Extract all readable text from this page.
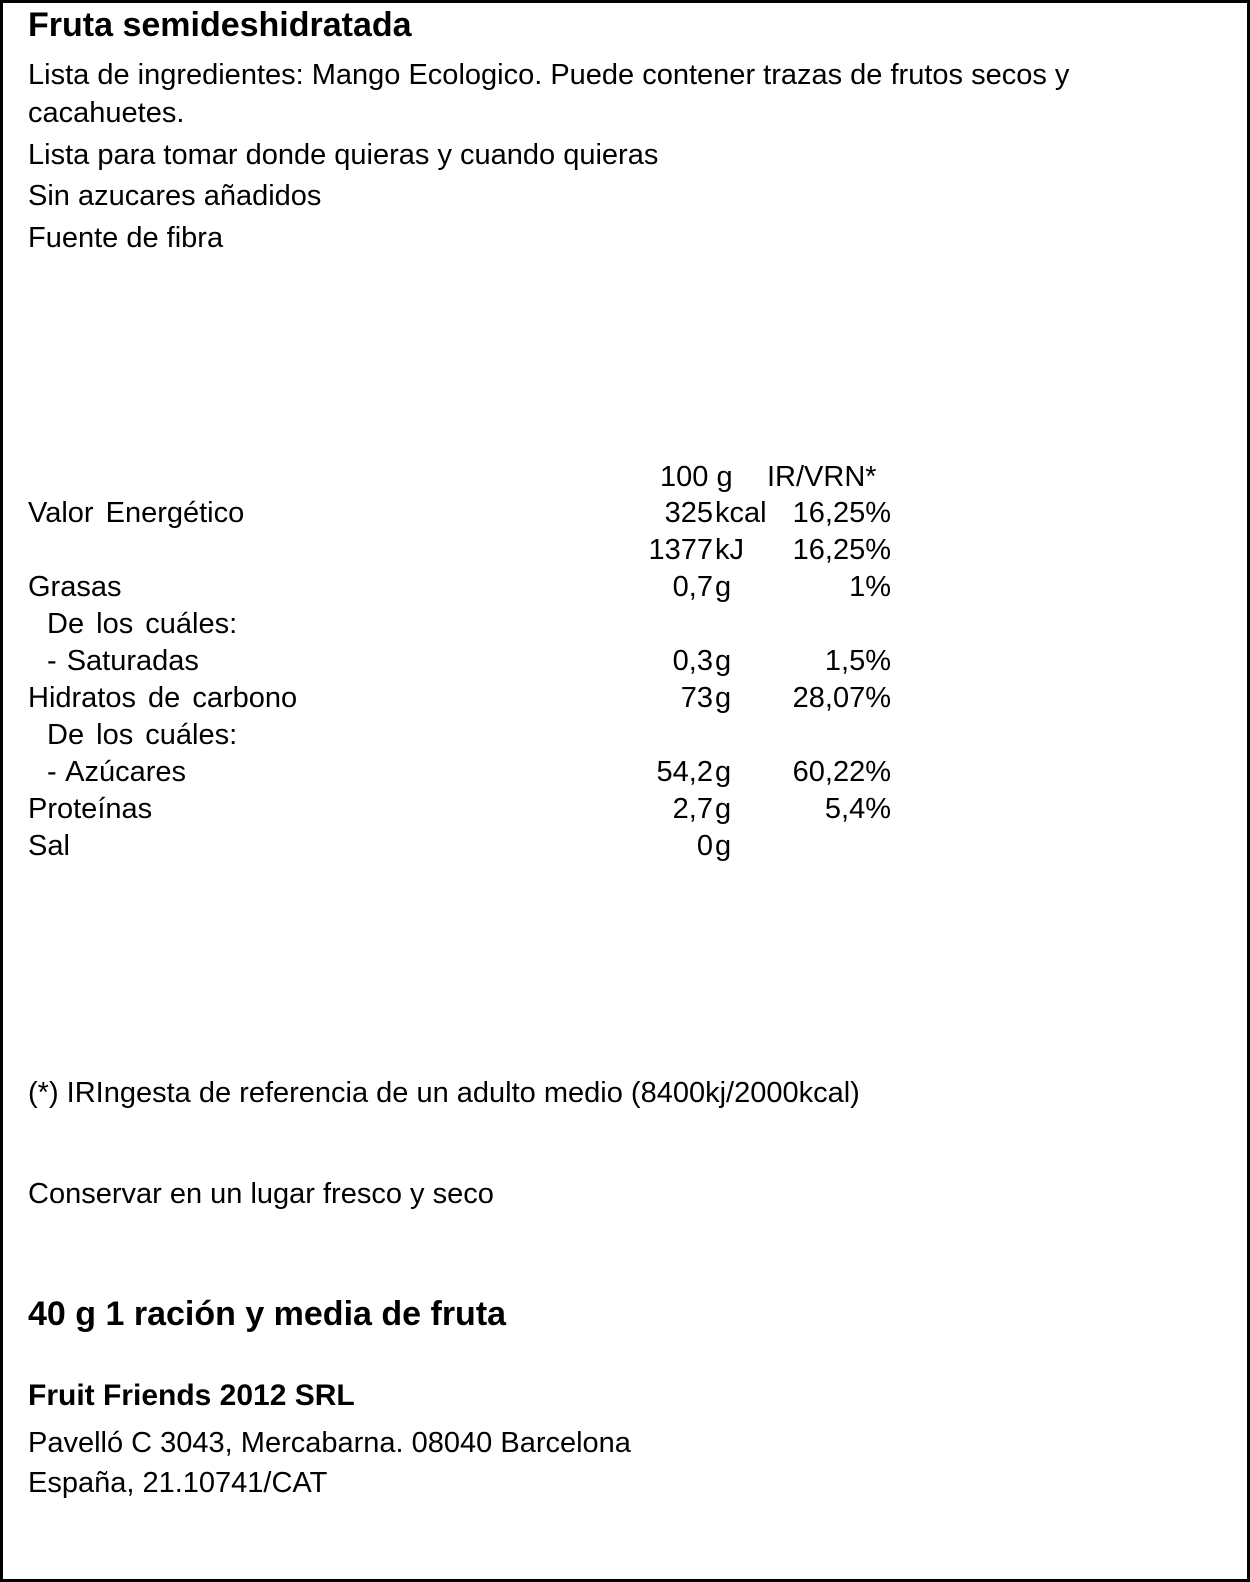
Fruta semideshidratada
Lista de ingredientes: Mango Ecologico. Puede contener trazas de frutos secos y
cacahuetes.
Lista para tomar donde quieras y cuando quieras
Sin azucares añadidos
Fuente de fibra
100 g IR/VRN*
Valor Energético	325 kcal 16,25%
1377 kJ	16,25%
Grasas	0,7 g	1%
De los cuáles:
- Saturadas	0,3 g	1,5%
Hidratos de carbono	73 g	28,07%
De los cuáles:
- Azúcares	54,2 g	60,22%
Proteínas	2,7 g	5,4%
Sal	0 g
(*) IRIngesta de referencia de un adulto medio (8400kj/2000kcal)
Conservar en un lugar fresco y seco
40 g 1 ración y media de fruta
Fruit Friends 2012 SRL
Pavelló C 3043, Mercabarna. 08040 Barcelona
España, 21.10741/CAT
